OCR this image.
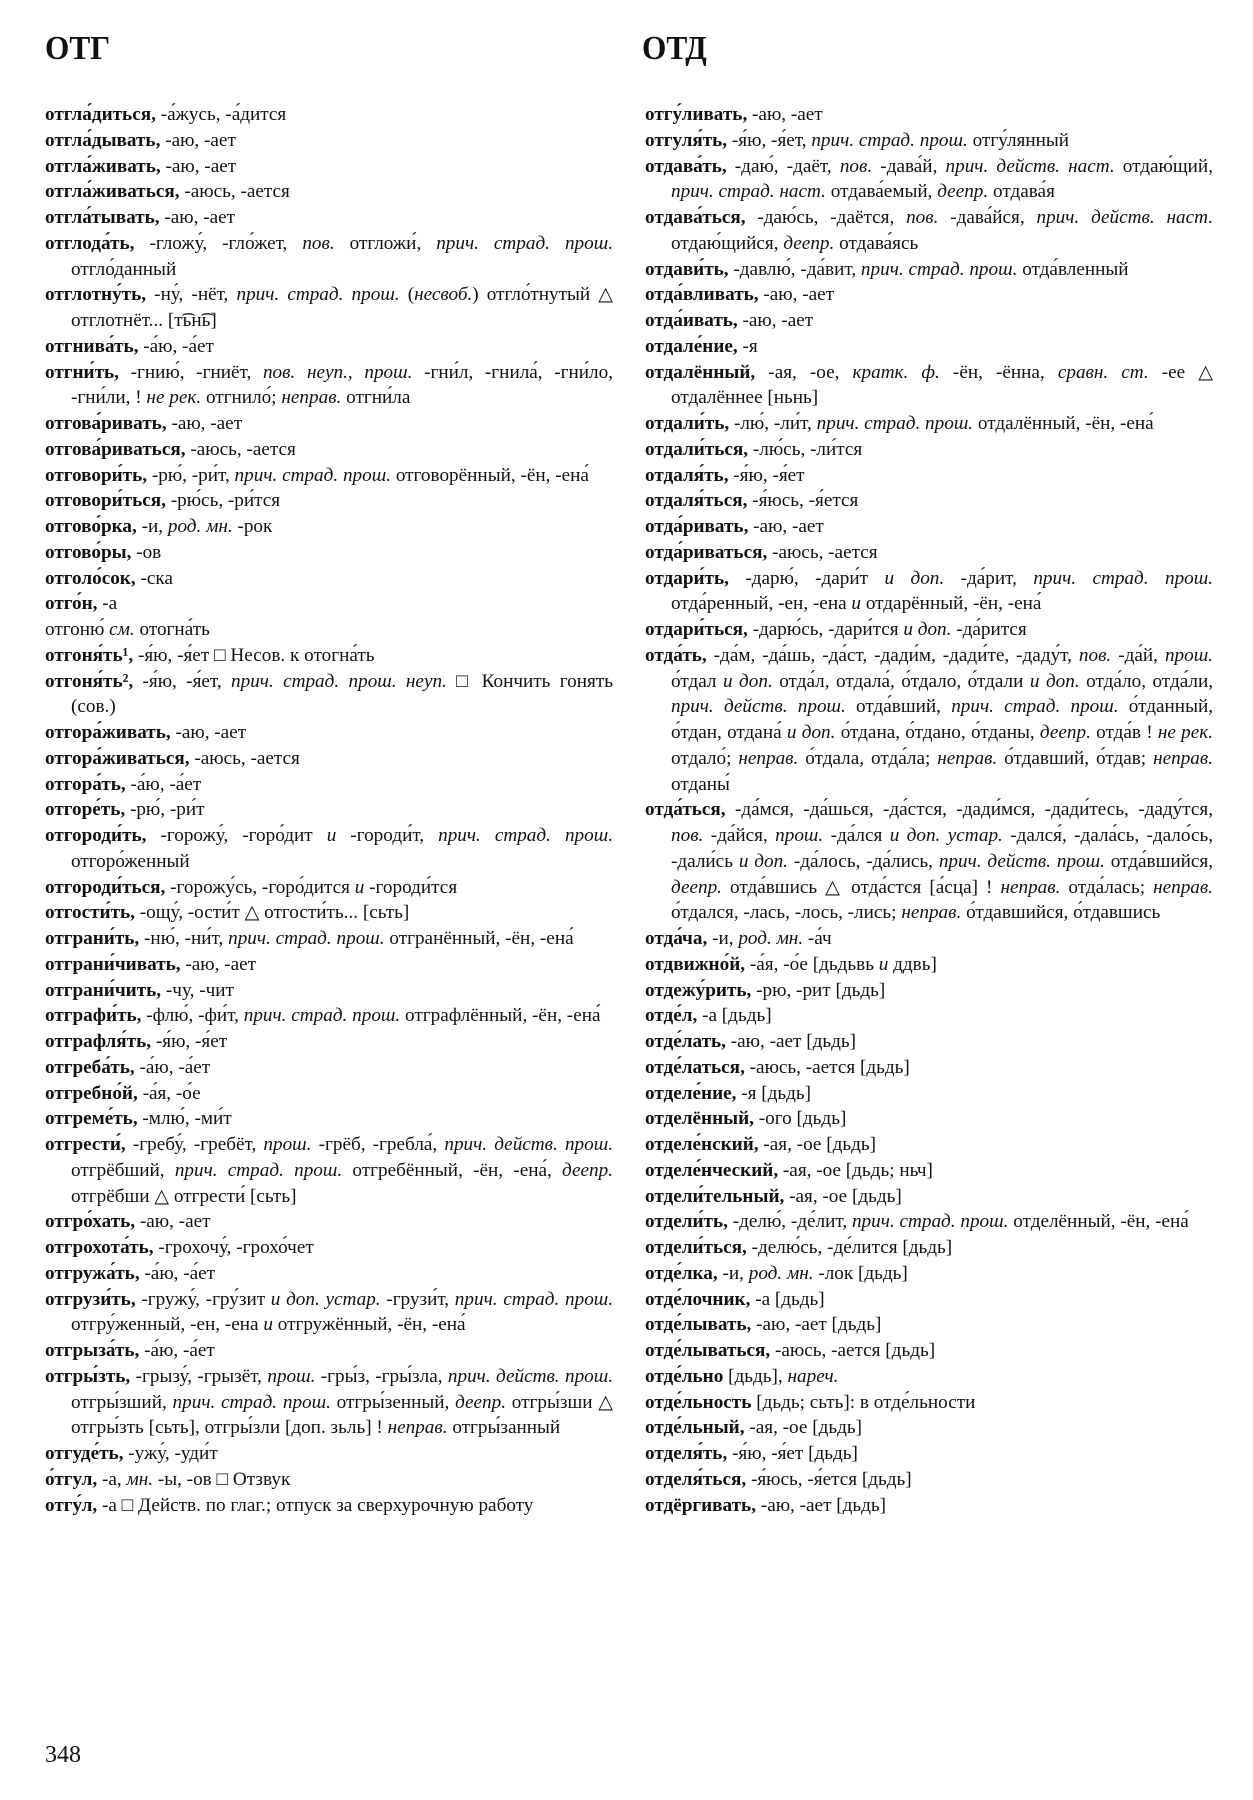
ОТГ	ОТД

отгла́диться, -а́жусь, -а́дится

отгла́дывать, -аю, -ает

отгла́живать, -аю, -ает

отгла́живаться, -аюсь, -ается

отгла́тывать, -аю, -ает

отглода́ть, -гложу́, -гло́жет, пов. отгложи́, прич. страд. прош. отгло́данный

отглотну́ть, -ну́, -нёт, прич. страд. прош. (несвоб.) отгло́тнутый △ отглотнёт... [т͡ьн͡ь]

отгнива́ть, -а́ю, -а́ет

отгни́ть, -гнию́, -гниёт, пов. неуп., прош. -гни́л, -гнила́, -гни́ло, -гни́ли, ! не рек. отгнило́; неправ. отгни́ла

отгова́ривать, -аю, -ает

отгова́риваться, -аюсь, -ается

отговори́ть, -рю́, -ри́т, прич. страд. прош. отговорённый, -ён, -ена́

отговори́ться, -рю́сь, -ри́тся

отгово́рка, -и, род. мн. -рок

отгово́ры, -ов

отголо́сок, -ска

отго́н, -а

отгоню́ см. отогна́ть

отгоня́ть¹, -я́ю, -я́ет □ Несов. к отогна́ть

отгоня́ть², -я́ю, -я́ет, прич. страд. прош. неуп. □ Кончить гонять (сов.)

отгора́живать, -аю, -ает

отгора́живаться, -аюсь, -ается

отгора́ть, -а́ю, -а́ет

отгоре́ть, -рю́, -ри́т

отгороди́ть, -горожу́, -горо́дит и -городи́т, прич. страд. прош. отгоро́женный

отгороди́ться, -горожу́сь, -горо́дится и -городи́тся

отгости́ть, -ощу́, -ости́т △ отгости́ть... [сьть]

отграни́ть, -ню́, -ни́т, прич. страд. прош. отгранённый, -ён, -ена́

отграни́чивать, -аю, -ает

отграни́чить, -чу, -чит

отграфи́ть, -флю́, -фи́т, прич. страд. прош. отграфлённый, -ён, -ена́

отграфля́ть, -я́ю, -я́ет

отгреба́ть, -а́ю, -а́ет

отгребно́й, -а́я, -о́е

отгреме́ть, -млю́, -ми́т

отгрести́, -гребу́, -гребёт, прош. -грёб, -гребла́, прич. действ. прош. отгрёбший, прич. страд. прош. отгребённый, -ён, -ена́, деепр. отгрёбши △ отгрести́ [сьть]

отгро́хать, -аю, -ает

отгрохота́ть, -грохочу́, -грохо́чет

отгружа́ть, -а́ю, -а́ет

отгрузи́ть, -гружу́, -гру́зит и доп. устар. -грузи́т, прич. страд. прош. отгру́женный, -ен, -ена и отгружённый, -ён, -ена́

отгрыза́ть, -а́ю, -а́ет

отгры́зть, -грызу́, -грызёт, прош. -гры́з, -гры́зла, прич. действ. прош. отгры́зший, прич. страд. прош. отгры́зенный, деепр. отгры́зши △ отгры́зть [сьть], отгры́зли [доп. зьль] ! неправ. отгры́занный

отгуде́ть, -ужу́, -уди́т

о́тгул, -а, мн. -ы, -ов □ Отзвук

отгу́л, -а □ Действ. по глаг.; отпуск за сверхурочную работу

отгу́ливать, -аю, -ает

отгуля́ть, -я́ю, -я́ет, прич. страд. прош. отгу́лянный

отдава́ть, -даю́, -даёт, пов. -дава́й, прич. действ. наст. отдаю́щий, прич. страд. наст. отдава́емый, деепр. отдава́я

отдава́ться, -даю́сь, -даётся, пов. -дава́йся, прич. действ. наст. отдаю́щийся, деепр. отдава́ясь

отдави́ть, -давлю́, -да́вит, прич. страд. прош. отда́вленный

отда́вливать, -аю, -ает

отда́ивать, -аю, -ает

отдале́ние, -я

отдалённый, -ая, -ое, кратк. ф. -ён, -ённа, сравн. ст. -ее △ отдалённее [ньнь]

отдали́ть, -лю́, -ли́т, прич. страд. прош. отдалённый, -ён, -ена́

отдали́ться, -лю́сь, -ли́тся

отдаля́ть, -я́ю, -я́ет

отдаля́ться, -я́юсь, -я́ется

отда́ривать, -аю, -ает

отда́риваться, -аюсь, -ается

отдари́ть, -дарю́, -дари́т и доп. -да́рит, прич. страд. прош. отда́ренный, -ен, -ена и отдарённый, -ён, -ена́

отдари́ться, -дарю́сь, -дари́тся и доп. -да́рится

отда́ть, -да́м, -да́шь, -да́ст, -дади́м, -дади́те, -даду́т, пов. -да́й, прош. о́тдал и доп. отда́л, отдала́, о́тдало, о́тдали и доп. отда́ло, отда́ли, прич. действ. прош. отда́вший, прич. страд. прош. о́тданный, о́тдан, отдана́ и доп. о́тдана, о́тдано, о́тданы, деепр. отда́в ! не рек. отдало́; неправ. о́тдала, отда́ла; неправ. о́тдавший, о́тдав; неправ. отданы́

отда́ться, -да́мся, -да́шься, -да́стся, -дади́мся, -дади́тесь, -даду́тся, пов. -да́йся, прош. -да́лся и доп. устар. -дался́, -дала́сь, -дало́сь, -дали́сь и доп. -да́лось, -да́лись, прич. действ. прош. отда́вшийся, деепр. отда́вшись △ отда́стся [а́сца] ! неправ. отда́лась; неправ. о́тдался, -лась, -лось, -лись; неправ. о́тдавшийся, о́тдавшись

отда́ча, -и, род. мн. -а́ч

отдвижно́й, -а́я, -о́е [дьдьвь и ддвь]

отдежу́рить, -рю, -рит [дьдь]

отде́л, -а [дьдь]

отде́лать, -аю, -ает [дьдь]

отде́латься, -аюсь, -ается [дьдь]

отделе́ние, -я [дьдь]

отделённый, -ого [дьдь]

отделе́нский, -ая, -ое [дьдь]

отделе́нческий, -ая, -ое [дьдь; ньч]

отдели́тельный, -ая, -ое [дьдь]

отдели́ть, -делю́, -де́лит, прич. страд. прош. отделённый, -ён, -ена́

отдели́ться, -делю́сь, -де́лится [дьдь]

отде́лка, -и, род. мн. -лок [дьдь]

отде́лочник, -а [дьдь]

отде́лывать, -аю, -ает [дьдь]

отде́лываться, -аюсь, -ается [дьдь]

отде́льно [дьдь], нареч.

отде́льность [дьдь; сьть]: в отде́льности

отде́льный, -ая, -ое [дьдь]

отделя́ть, -я́ю, -я́ет [дьдь]

отделя́ться, -я́юсь, -я́ется [дьдь]

отдёргивать, -аю, -ает [дьдь]

348
